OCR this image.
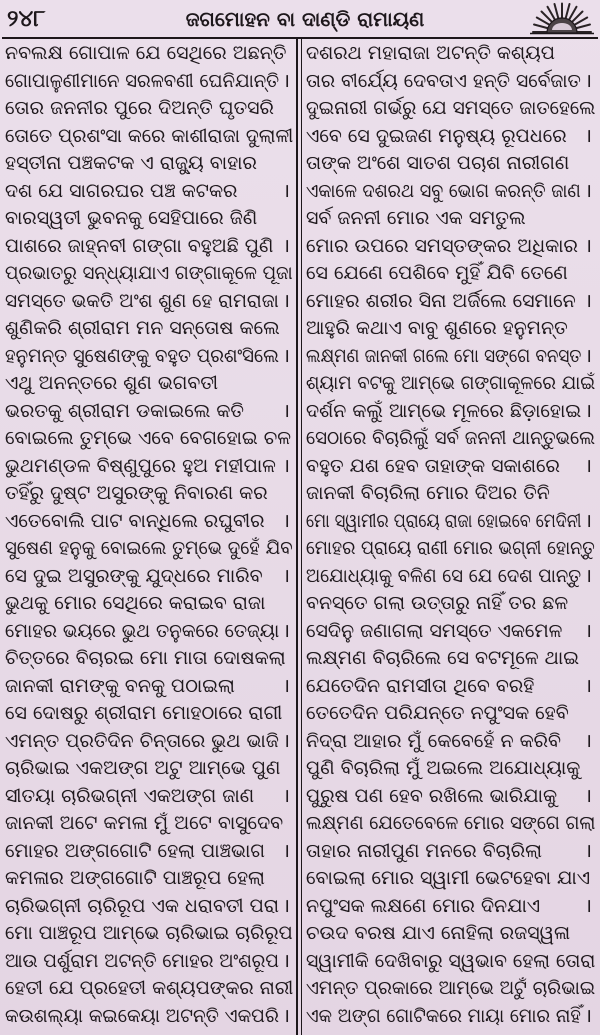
୨୪୮	ଜଗମୋହନ ବା ଦାଣ୍ଡି ରାମାୟଣ
ନବଲକ୍ଷ ଗୋପାଳ ଯେ ସେଥିରେ ଅଛନ୍ତି
ଗୋପାଳୁଣୀମାନେ ସରଳବଣୀ ଘେନିଯାନ୍ତି ।
ତୋର ଜନନୀର ପୁରେ ଦିଅନ୍ତି ଘୃତସରି
ତୋତେ ପ୍ରଶଂସା କରେ କାଶୀରାଜା ଦୁଲାଳୀ
ହସ୍ତୀନା ପଞ୍ଚକଟକ ଏ ରାଜ୍ୟୁ ବାହାର
ଦଶ ଯେ ସାଗରଘର ପଞ୍ଚ କଟକର ।
ବାରସ୍ୱତୀ ଭୁବନକୁ ସେହିପାରେ ଜିଣି
ପାଶରେ ଜାହ୍ନବୀ ଗଙ୍ଗା ବହୁଅଛି ପୁଣି ।
ପ୍ରଭାତରୁ ସନ୍ଧ୍ୟାଯାଏ ଗଙ୍ଗାକୂଳେ ପୂଜା
ସମସ୍ତେ ଭକତି ଅଂଶ ଶୁଣ ହେ ରାମରାଜା ।
ଶୁଣିକରି ଶ୍ରୀରାମ ମନ ସନ୍ତୋଷ କଲେ
ହନୁମନ୍ତ ସୁଷେଣଙ୍କୁ ବହୁତ ପ୍ରଶଂସିଲେ ।
ଏଥୁ ଅନନ୍ତରେ ଶୁଣ ଭଗବତୀ
ଭରତକୁ ଶ୍ରୀରାମ ଡକାଇଲେ କତି ।
ବୋଇଲେ ତୁମ୍ଭେ ଏବେ ବେଗହୋଇ ଚଳ
ଭୁଥମଣ୍ଡଳ ବିଷ୍ଣୁପୁରେ ହୁଅ ମହୀପାଳ ।
ତହିଁରୁ ଦୁଷ୍ଟ ଅସୁରଙ୍କୁ ନିବାରଣ କର
ଏତେବୋଲି ପାଟ ବାନ୍ଧିଲେ ରଘୁବୀର ।
ସୁଷେଣ ହନୁକୁ ବୋଇଲେ ତୁମ୍ଭେ ଦୁହେଁ ଯିବ
ସେ ଦୁଇ ଅସୁରଙ୍କୁ ଯୁଦ୍ଧରେ ମାରିବ ।
ଭୁଥକୁ ମୋର ସେଥିରେ କରାଇବ ରାଜା
ମୋହର ଭୟରେ ଭୁଥ ତନୁକରେ ତେଜ୍ୟା ।
ଚିତ୍ତରେ ବିଚାରଇ ମୋ ମାତା ଦୋଷକଲା
ଜାନକୀ ରାମଙ୍କୁ ବନକୁ ପଠାଇଲା	।
ସେ ଦୋଷରୁ ଶ୍ରୀରାମ ମୋହଠାରେ ରାଗୀ
ଏମନ୍ତ ପ୍ରତିଦିନ ଚିନ୍ତାରେ ଭୁଥ ଭାଜି ।
ଚାରିଭାଇ ଏକଅଙ୍ଗ ଅଟୁ ଆମ୍ଭେ ପୁଣ
ସୀତୟା ଚାରିଭଗ୍ନୀ ଏକଅଙ୍ଗ ଜାଣ ।
ଜାନକୀ ଅଟେ କମଳା ମୁଁ ଅଟେ ବାସୁଦେବ
ମୋହର ଅଙ୍ଗଗୋଟି ହେଲା ପାଞ୍ଚଭାଗ ।
କମଳାର ଅଙ୍ଗଗୋଟି ପାଞ୍ଚରୂପ ହେଲା
ଚାରିଭଗ୍ନୀ ଚାରିରୂପ ଏକ ଧରାବତୀ ପରା ।
ମୋ ପାଞ୍ଚରୂପ ଆମ୍ଭେ ଚାରିଭାଇ ଚାରିରୂପ
ଆଉ ପର୍ଶୁରାମ ଅଟନ୍ତି ମୋହର ଅଂଶରୂପ ।
ହେତୀ ଯେ ପ୍ରହେତୀ କଶ୍ୟପଙ୍କର ନାରୀ
କଉଶଲ୍ୟା କଇକେୟା ଅଟନ୍ତି ଏକପରି ।
ଦଶରଥ ମହାରାଜା ଅଟନ୍ତି କଶ୍ୟପ
ତାର ବୀର୍ଯ୍ୟେ ଦେବତାଏ ହନ୍ତି ସର୍ବେଜାତ ।
ଦୁଇନାରୀ ଗର୍ଭରୁ ଯେ ସମସ୍ତେ ଜାତହେଲେ
ଏବେ ସେ ଦୁଇଜଣ ମନୁଷ୍ୟ ରୂପଧରେ ।
ତାଙ୍କ ଅଂଶେ ସାତଶ ପଚାଶ ନାରୀଗଣ
ଏକାଳେ ଦଶରଥ ସବୁ ଭୋଗ କରନ୍ତି ଜାଣ ।
ସର୍ବ ଜନନୀ ମୋର ଏକ ସମତୁଲ
ମୋର ଉପରେ ସମସ୍ତଙ୍କର ଅଧିକାର ।
ସେ ଯେଣେ ପେଶିବେ ମୁହିଁ ଯିବି ତେଣେ
ମୋହର ଶରୀର ସିନା ଅର୍ଜିଲେ ସେମାନେ ।
ଆହୁରି କଥାଏ ବାବୁ ଶୁଣରେ ହନୁମନ୍ତ
ଲକ୍ଷ୍ମଣ ଜାନକୀ ଗଲେ ମୋ ସଙ୍ଗେ ବନସ୍ତ ।
ଶ୍ୟାମ ବଟକୁ ଆମ୍ଭେ ଗଙ୍ଗାକୂଳରେ ଯାଇଁ
ଦର୍ଶନ କଲୁଁ ଆମ୍ଭେ ମୂଳରେ ଛିଡ଼ାହୋଇ ।
ସେଠାରେ ବିଚାରିଲୁଁ ସର୍ବ ଜନନୀ ଥାନ୍ତୁଭଲେ
ବହୁତ ଯଶ ହେବ ତାହାଙ୍କ ସକାଶରେ ।
ଜାନକୀ ବିଚାରିଲା ମୋର ଦିଅର ତିନି
ମୋ ସ୍ୱାମୀର ପ୍ରାୟେ ରାଜା ହୋଇବେ ମେଦିନୀ ।
ମୋହର ପ୍ରାୟେ ରାଣୀ ମୋର ଭଗ୍ନୀ ହୋନ୍ତୁ
ଅଯୋଧ୍ୟାକୁ ବଳିଣ ସେ ଯେ ଦେଶ ପାନ୍ତୁ ।
ବନସ୍ତେ ଗଲା ଉତ୍ତାରୁ ନାହିଁ ତର ଛଳ
ସେଦିନୁ ଜଣାଗଲା ସମସ୍ତେ ଏକମେଳ ।
ଲକ୍ଷ୍ମଣ ବିଚାରିଲେ ସେ ବଟମୂଳେ ଥାଇ
ଯେତେଦିନ ରାମସୀତା ଥିବେ ବରହି	।
ତେତେଦିନ ପରିଯନ୍ତେ ନପୁଂସକ ହେବି
ନିଦ୍ରା ଆହାର ମୁଁ କେବେହେଁ ନ କରିବି ।
ପୁଣି ବିଚାରିଲା ମୁଁ ଅଇଲେ ଅଯୋଧ୍ୟାକୁ
ପୁରୁଷ ପଣ ହେବ ରଖିଲେ ଭାରିଯାକୁ ।
ଲକ୍ଷ୍ମଣ ଯେତେବେଳେ ମୋର ସଙ୍ଗେ ଗଲା
ତାହାର ନାରୀପୁଣ ମନରେ ବିଚାରିଲା ।
ବୋଇଲା ମୋର ସ୍ୱାମୀ ଭେଟହେବା ଯାଏ
ନପୁଂସକ ଲକ୍ଷଣେ ମୋର ଦିନଯାଏ ।
ଚଉଦ ବରଷ ଯାଏ ନୋହିଲା ରଜସ୍ୱଳା
ସ୍ୱାମୀକି ଦେଖିବାରୁ ସ୍ୱଭାବ ହେଲା ତୋରା
ଏମନ୍ତ ପ୍ରକାରେ ଆମ୍ଭେ ଅଟୁଁ ଚାରିଭାଇ
ଏକ ଅଙ୍ଗ ଗୋଟିକରେ ମାୟା ମୋର ନାହିଁ ।
